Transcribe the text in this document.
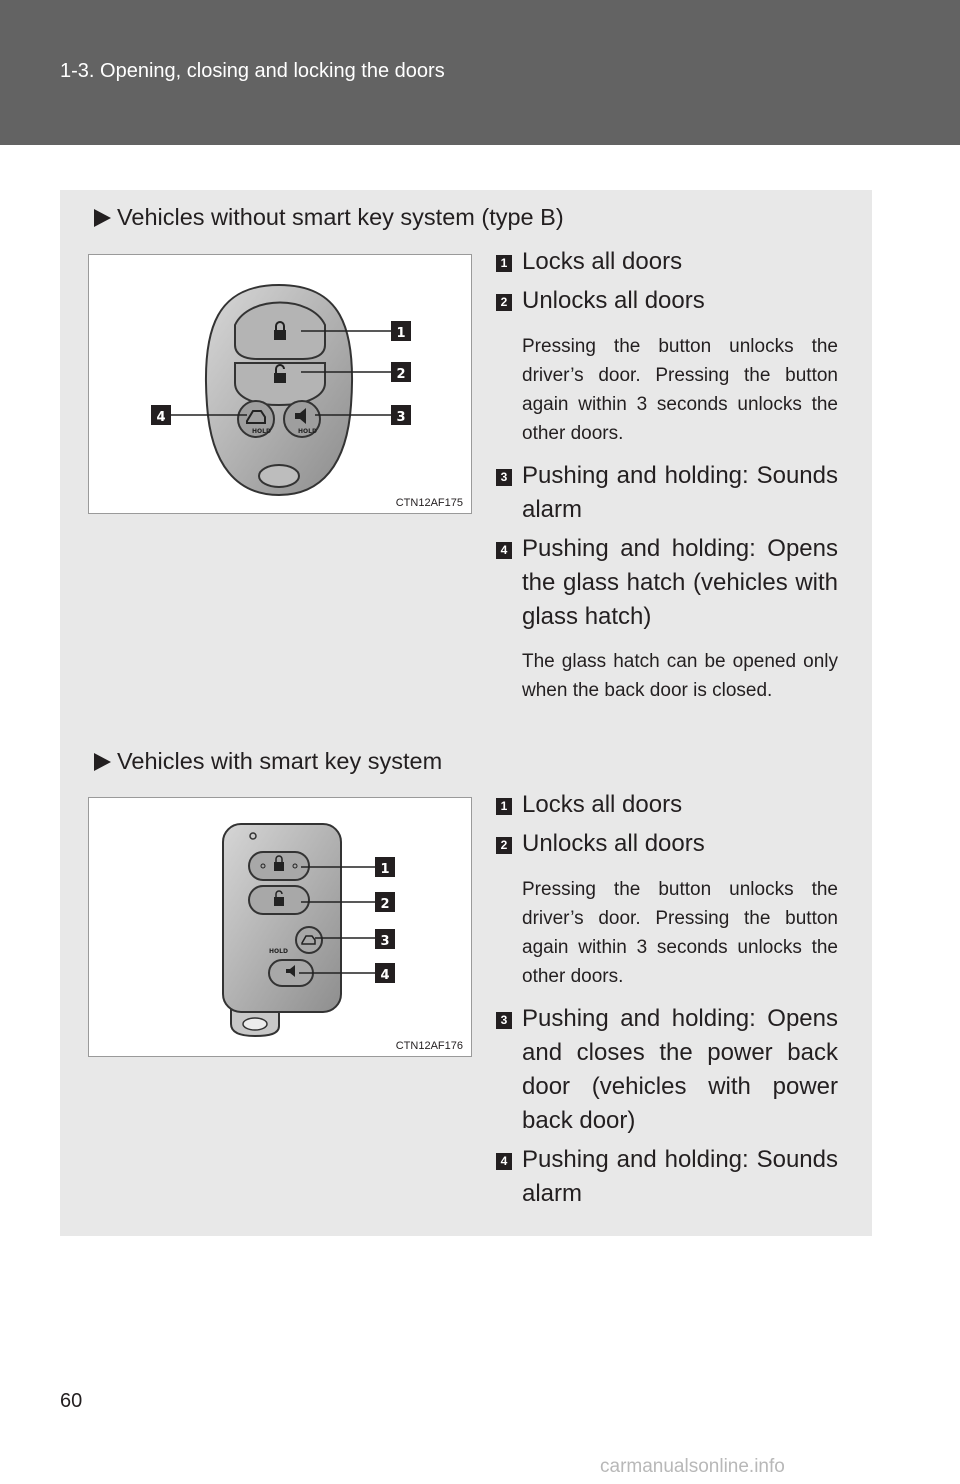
1-3. Opening, closing and locking the doors
Vehicles without smart key system (type B)
HOLD	HOLD
1
2
3
4
CTN12AF175
1 Locks all doors
2 Unlocks all doors
Pressing the button unlocks the driver’s door. Pressing the button again within 3 seconds unlocks the other doors.
3 Pushing and holding: Sounds alarm
4 Pushing and holding: Opens the glass hatch (vehicles with glass hatch)
The glass hatch can be opened only when the back door is closed.
Vehicles with smart key system
HOLD
1
2
3
4
CTN12AF176
1 Locks all doors
2 Unlocks all doors
Pressing the button unlocks the driver’s door. Pressing the button again within 3 seconds unlocks the other doors.
3 Pushing and holding: Opens and closes the power back door (vehicles with power back door)
4 Pushing and holding: Sounds alarm
60
carmanualsonline.info
